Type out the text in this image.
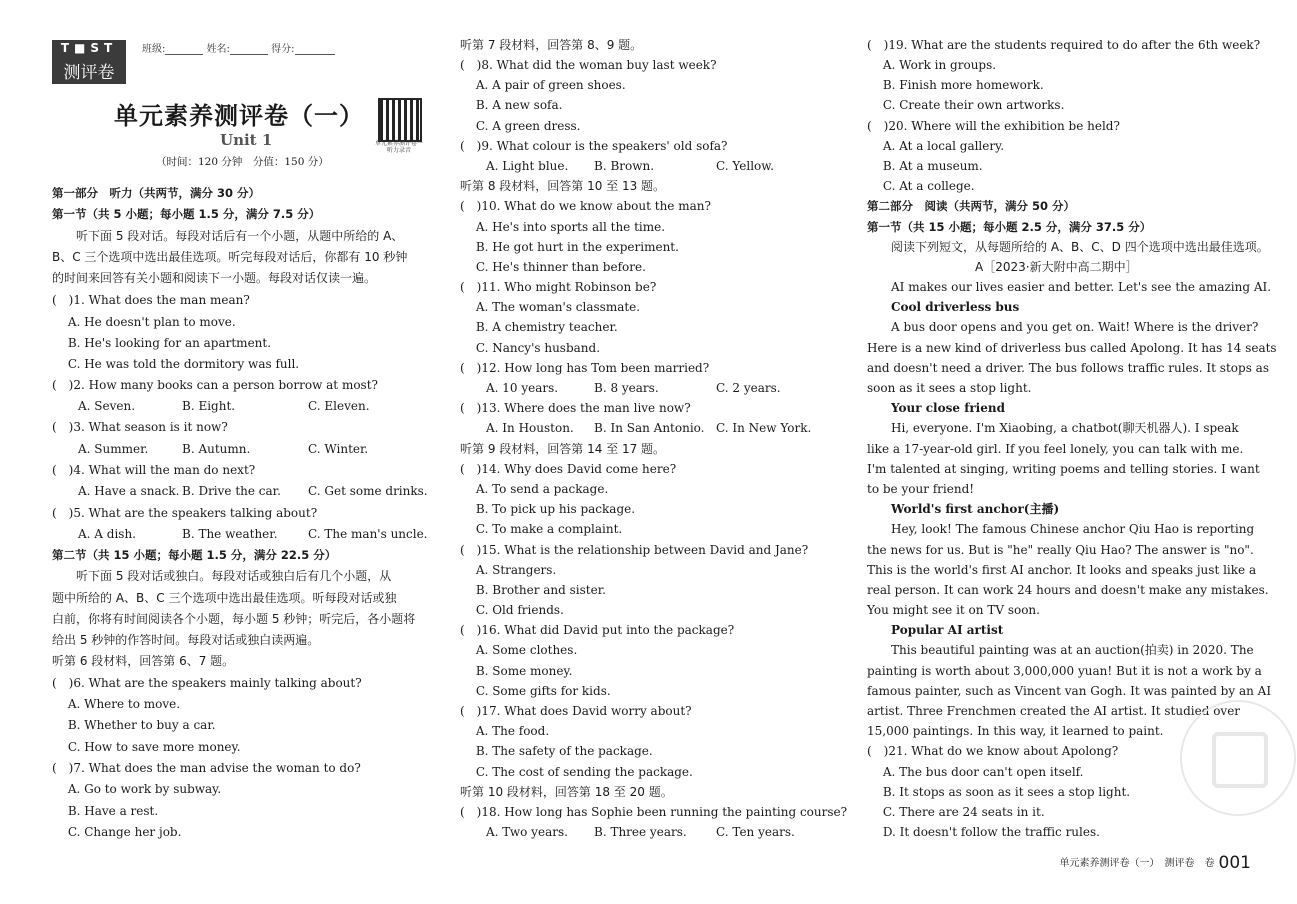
T■ST
测评卷
班级:	姓名:	得分:
单元素养测评卷（一）
Unit 1
（时间：120 分钟　分值：150 分）
单元素养测评卷一听力录音
第一部分　听力（共两节，满分 30 分）
第一节（共 5 小题；每小题 1.5 分，满分 7.5 分）
　　听下面 5 段对话。每段对话后有一个小题，从题中所给的 A、
B、C 三个选项中选出最佳选项。听完每段对话后，你都有 10 秒钟
的时间来回答有关小题和阅读下一小题。每段对话仅读一遍。
(　)1. What does the man mean?
　 A. He doesn't plan to move.
　 B. He's looking for an apartment.
　 C. He was told the dormitory was full.
(　)2. How many books can a person borrow at most?
(　)3. What season is it now?
(　)4. What will the man do next?
(　)5. What are the speakers talking about?
第二节（共 15 小题；每小题 1.5 分，满分 22.5 分）
　　听下面 5 段对话或独白。每段对话或独白后有几个小题，从
题中所给的 A、B、C 三个选项中选出最佳选项。听每段对话或独
白前，你将有时间阅读各个小题，每小题 5 秒钟；听完后，各小题将
给出 5 秒钟的作答时间。每段对话或独白读两遍。
听第 6 段材料，回答第 6、7 题。
(　)6. What are the speakers mainly talking about?
　 A. Where to move.
　 B. Whether to buy a car.
　 C. How to save more money.
(　)7. What does the man advise the woman to do?
　 A. Go to work by subway.
　 B. Have a rest.
　 C. Change her job.
A. Seven.	B. Eight.	C. Eleven.
A. Summer.	B. Autumn.	C. Winter.
A. Have a snack. B. Drive the car. C. Get some drinks.
A. A dish.	B. The weather.	C. The man's uncle.
听第 7 段材料，回答第 8、9 题。
(　)8. What did the woman buy last week?
　 A. A pair of green shoes.
　 B. A new sofa.
　 C. A green dress.
(　)9. What colour is the speakers' old sofa?
听第 8 段材料，回答第 10 至 13 题。
(　)10. What do we know about the man?
　 A. He's into sports all the time.
　 B. He got hurt in the experiment.
　 C. He's thinner than before.
(　)11. Who might Robinson be?
　 A. The woman's classmate.
　 B. A chemistry teacher.
　 C. Nancy's husband.
(　)12. How long has Tom been married?
(　)13. Where does the man live now?
听第 9 段材料，回答第 14 至 17 题。
(　)14. Why does David come here?
　 A. To send a package.
　 B. To pick up his package.
　 C. To make a complaint.
(　)15. What is the relationship between David and Jane?
　 A. Strangers.
　 B. Brother and sister.
　 C. Old friends.
(　)16. What did David put into the package?
　 A. Some clothes.
　 B. Some money.
　 C. Some gifts for kids.
(　)17. What does David worry about?
　 A. The food.
　 B. The safety of the package.
　 C. The cost of sending the package.
听第 10 段材料，回答第 18 至 20 题。
(　)18. How long has Sophie been running the painting course?
A. Light blue. B. Brown.	C. Yellow.
A. 10 years.	B. 8 years.	C. 2 years.
A. In Houston. B. In San Antonio. C. In New York.
A. Two years. B. Three years. C. Ten years.
(　)19. What are the students required to do after the 6th week?
　 A. Work in groups.
　 B. Finish more homework.
　 C. Create their own artworks.
(　)20. Where will the exhibition be held?
　 A. At a local gallery.
　 B. At a museum.
　 C. At a college.
第二部分　阅读（共两节，满分 50 分）
第一节（共 15 小题；每小题 2.5 分，满分 37.5 分）
　　阅读下列短文，从每题所给的 A、B、C、D 四个选项中选出最佳选项。
　　　　　　　　　A［2023·新大附中高二期中］
　　AI makes our lives easier and better. Let's see the amazing AI.
　　Cool driverless bus
　　A bus door opens and you get on. Wait! Where is the driver?
Here is a new kind of driverless bus called Apolong. It has 14 seats
and doesn't need a driver. The bus follows traffic rules. It stops as
soon as it sees a stop light.
　　Your close friend
　　Hi, everyone. I'm Xiaobing, a chatbot(聊天机器人). I speak
like a 17-year-old girl. If you feel lonely, you can talk with me.
I'm talented at singing, writing poems and telling stories. I want
to be your friend!
　　World's first anchor(主播)
　　Hey, look! The famous Chinese anchor Qiu Hao is reporting
the news for us. But is "he" really Qiu Hao? The answer is "no".
This is the world's first AI anchor. It looks and speaks just like a
real person. It can work 24 hours and doesn't make any mistakes.
You might see it on TV soon.
　　Popular AI artist
　　This beautiful painting was at an auction(拍卖) in 2020. The
painting is worth about 3,000,000 yuan! But it is not a work by a
famous painter, such as Vincent van Gogh. It was painted by an AI
artist. Three Frenchmen created the AI artist. It studied over
15,000 paintings. In this way, it learned to paint.
(　)21. What do we know about Apolong?
　 A. The bus door can't open itself.
　 B. It stops as soon as it sees a stop light.
　 C. There are 24 seats in it.
　 D. It doesn't follow the traffic rules.
单元素养测评卷（一）　测评卷　卷 001
